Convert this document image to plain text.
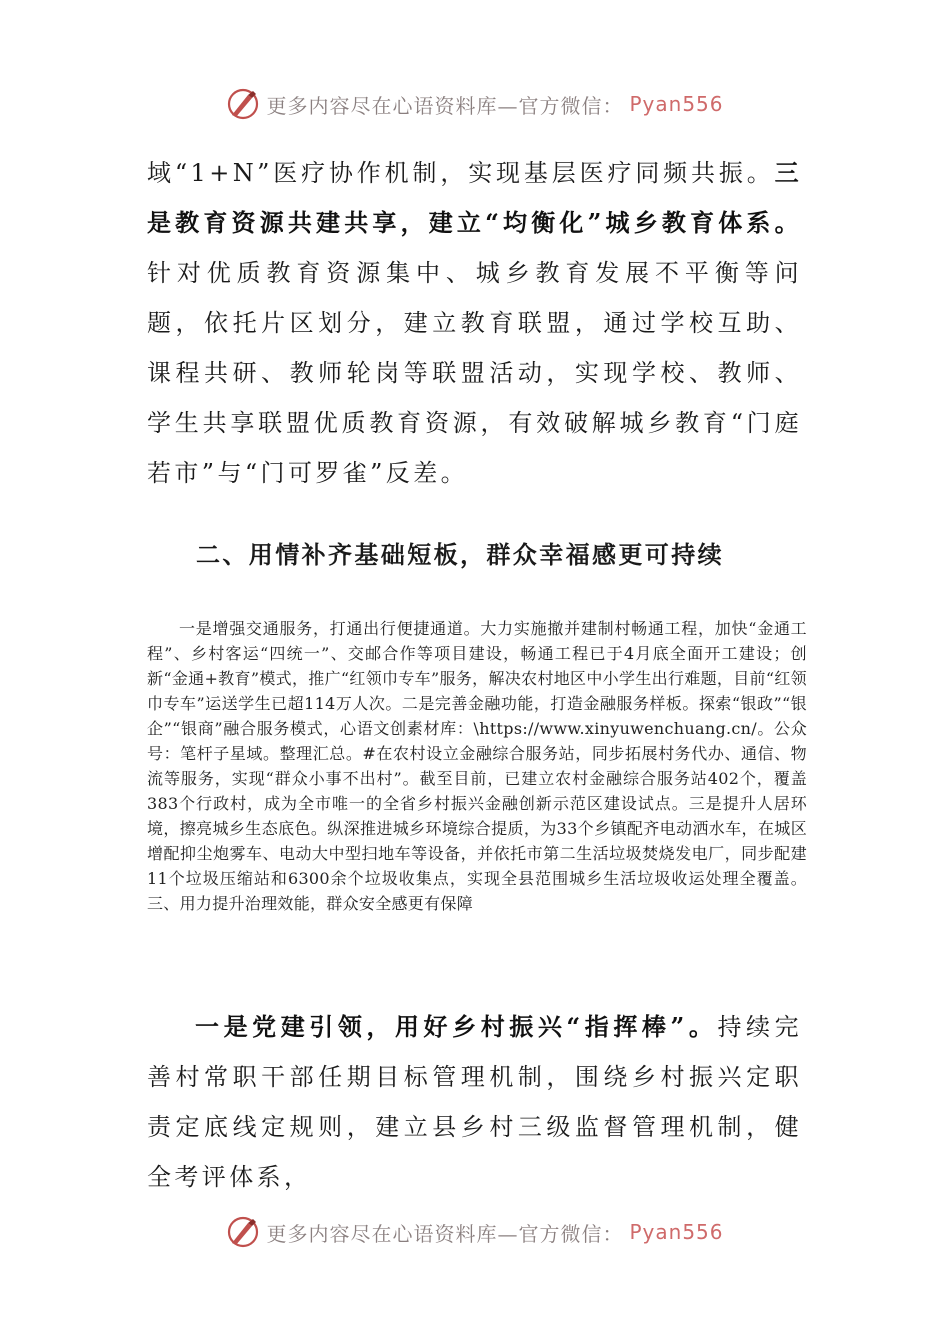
更多内容尽在心语资料库—官方微信： Pyan556

域“1+N”医疗协作机制，实现基层医疗同频共振。三是教育资源共建共享，建立“均衡化”城乡教育体系。针对优质教育资源集中、城乡教育发展不平衡等问题，依托片区划分，建立教育联盟，通过学校互助、课程共研、教师轮岗等联盟活动，实现学校、教师、学生共享联盟优质教育资源，有效破解城乡教育“门庭若市”与“门可罗雀”反差。

二、用情补齐基础短板，群众幸福感更可持续

一是增强交通服务，打通出行便捷通道。大力实施撤并建制村畅通工程，加快“金通工程”、乡村客运“四统一”、交邮合作等项目建设，畅通工程已于4月底全面开工建设；创新“金通+教育”模式，推广“红领巾专车”服务，解决农村地区中小学生出行难题，目前“红领巾专车”运送学生已超114万人次。二是完善金融功能，打造金融服务样板。探索“银政”“银企”“银商”融合服务模式，心语文创素材库：\https://www.xinyuwenchuang.cn/。公众号：笔杆子星域。整理汇总。#在农村设立金融综合服务站，同步拓展村务代办、通信、物流等服务，实现“群众小事不出村”。截至目前，已建立农村金融综合服务站402个，覆盖383个行政村，成为全市唯一的全省乡村振兴金融创新示范区建设试点。三是提升人居环境，擦亮城乡生态底色。纵深推进城乡环境综合提质，为33个乡镇配齐电动洒水车，在城区增配抑尘炮雾车、电动大中型扫地车等设备，并依托市第二生活垃圾焚烧发电厂，同步配建11个垃圾压缩站和6300余个垃圾收集点，实现全县范围城乡生活垃圾收运处理全覆盖。三、用力提升治理效能，群众安全感更有保障

一是党建引领，用好乡村振兴“指挥棒”。持续完善村常职干部任期目标管理机制，围绕乡村振兴定职责定底线定规则，建立县乡村三级监督管理机制，健全考评体系，

更多内容尽在心语资料库—官方微信： Pyan556
